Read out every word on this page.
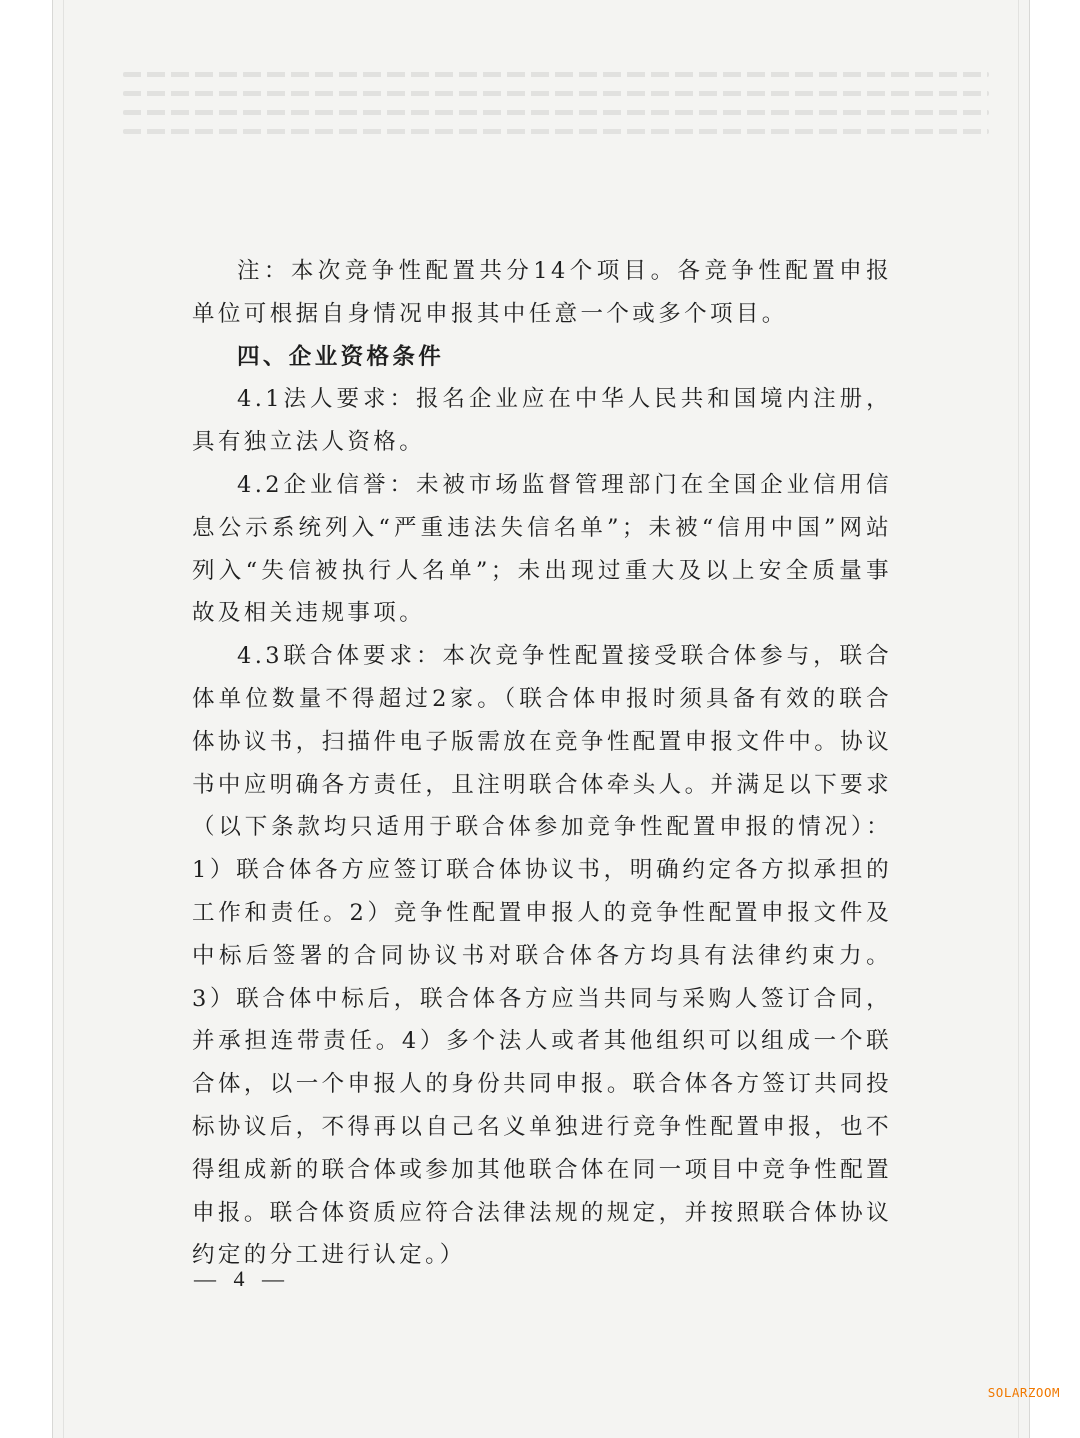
注：本次竞争性配置共分14个项目。各竞争性配置申报单位可根据自身情况申报其中任意一个或多个项目。

四、企业资格条件

4.1法人要求：报名企业应在中华人民共和国境内注册，具有独立法人资格。

4.2企业信誉：未被市场监督管理部门在全国企业信用信息公示系统列入“严重违法失信名单”；未被“信用中国”网站列入“失信被执行人名单”；未出现过重大及以上安全质量事故及相关违规事项。

4.3联合体要求：本次竞争性配置接受联合体参与，联合体单位数量不得超过2家。（联合体申报时须具备有效的联合体协议书，扫描件电子版需放在竞争性配置申报文件中。协议书中应明确各方责任，且注明联合体牵头人。并满足以下要求（以下条款均只适用于联合体参加竞争性配置申报的情况）：1）联合体各方应签订联合体协议书，明确约定各方拟承担的工作和责任。2）竞争性配置申报人的竞争性配置申报文件及中标后签署的合同协议书对联合体各方均具有法律约束力。3）联合体中标后，联合体各方应当共同与采购人签订合同，并承担连带责任。4）多个法人或者其他组织可以组成一个联合体，以一个申报人的身份共同申报。联合体各方签订共同投标协议后，不得再以自己名义单独进行竞争性配置申报，也不得组成新的联合体或参加其他联合体在同一项目中竞争性配置申报。联合体资质应符合法律法规的规定，并按照联合体协议约定的分工进行认定。）

— 4 —
SOLARZOOM
